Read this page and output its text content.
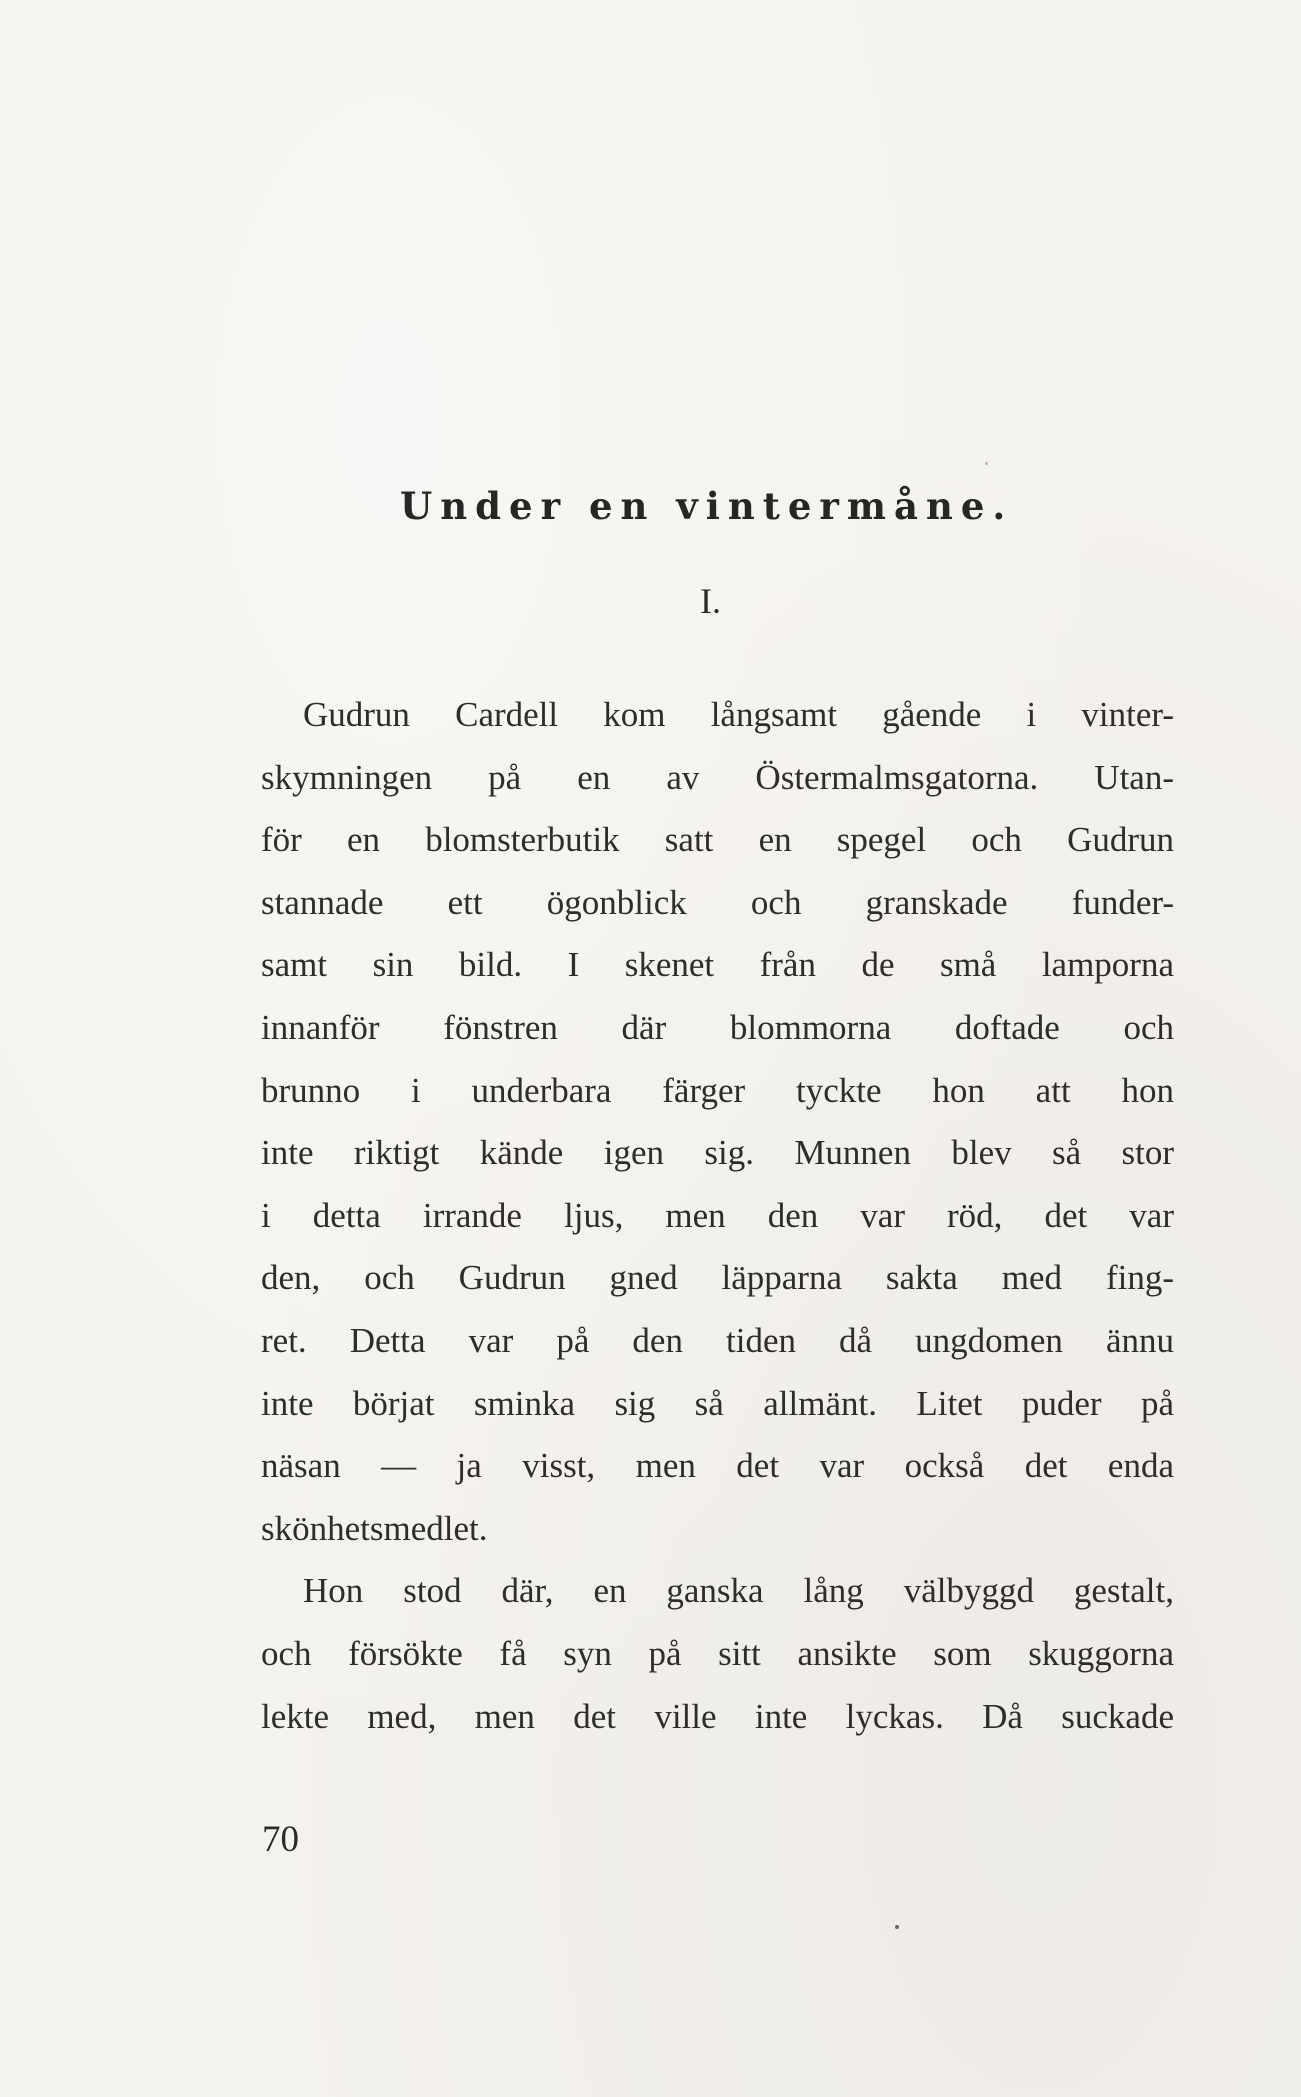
Under en vintermåne.
I.
Gudrun Cardell kom långsamt gående i vinter-
skymningen på en av Östermalmsgatorna. Utan-
för en blomsterbutik satt en spegel och Gudrun
stannade ett ögonblick och granskade funder-
samt sin bild. I skenet från de små lamporna
innanför fönstren där blommorna doftade och
brunno i underbara färger tyckte hon att hon
inte riktigt kände igen sig. Munnen blev så stor
i detta irrande ljus, men den var röd, det var
den, och Gudrun gned läpparna sakta med fing-
ret. Detta var på den tiden då ungdomen ännu
inte börjat sminka sig så allmänt. Litet puder på
näsan — ja visst, men det var också det enda
skönhetsmedlet.
Hon stod där, en ganska lång välbyggd gestalt,
och försökte få syn på sitt ansikte som skuggorna
lekte med, men det ville inte lyckas. Då suckade
70
